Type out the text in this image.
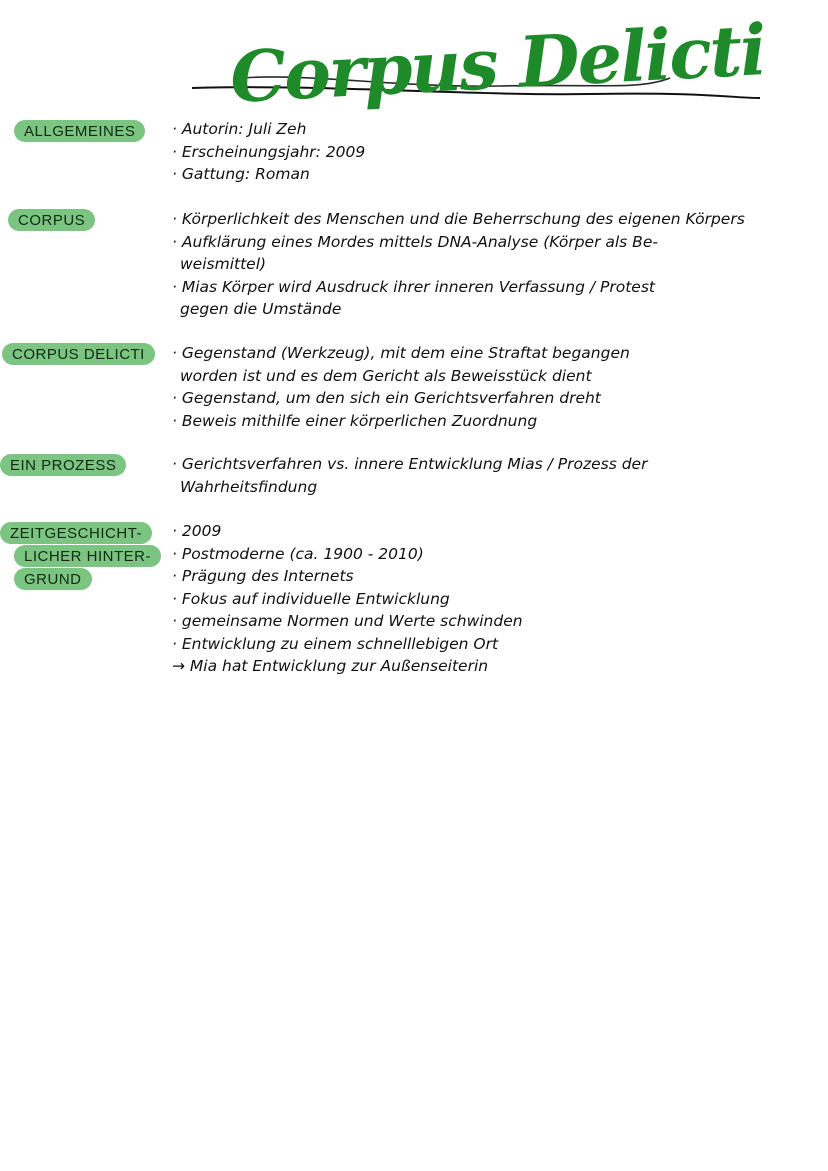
Corpus Delicti
ALLGEMEINES	· Autorin: Juli Zeh
· Erscheinungsjahr: 2009
· Gattung: Roman
CORPUS	· Körperlichkeit des Menschen und die Beherrschung des eigenen Körpers
· Aufklärung eines Mordes mittels DNA-Analyse (Körper als Be-
weismittel)
· Mias Körper wird Ausdruck ihrer inneren Verfassung / Protest
gegen die Umstände
CORPUS DELICTI	· Gegenstand (Werkzeug), mit dem eine Straftat begangen
worden ist und es dem Gericht als Beweisstück dient
· Gegenstand, um den sich ein Gerichtsverfahren dreht
· Beweis mithilfe einer körperlichen Zuordnung
EIN PROZESS	· Gerichtsverfahren vs. innere Entwicklung Mias / Prozess der
Wahrheitsfindung
ZEITGESCHICHT-
LICHER HINTER-
GRUND
· 2009
· Postmoderne (ca. 1900 - 2010)
· Prägung des Internets
· Fokus auf individuelle Entwicklung
· gemeinsame Normen und Werte schwinden
· Entwicklung zu einem schnelllebigen Ort
→ Mia hat Entwicklung zur Außenseiterin
